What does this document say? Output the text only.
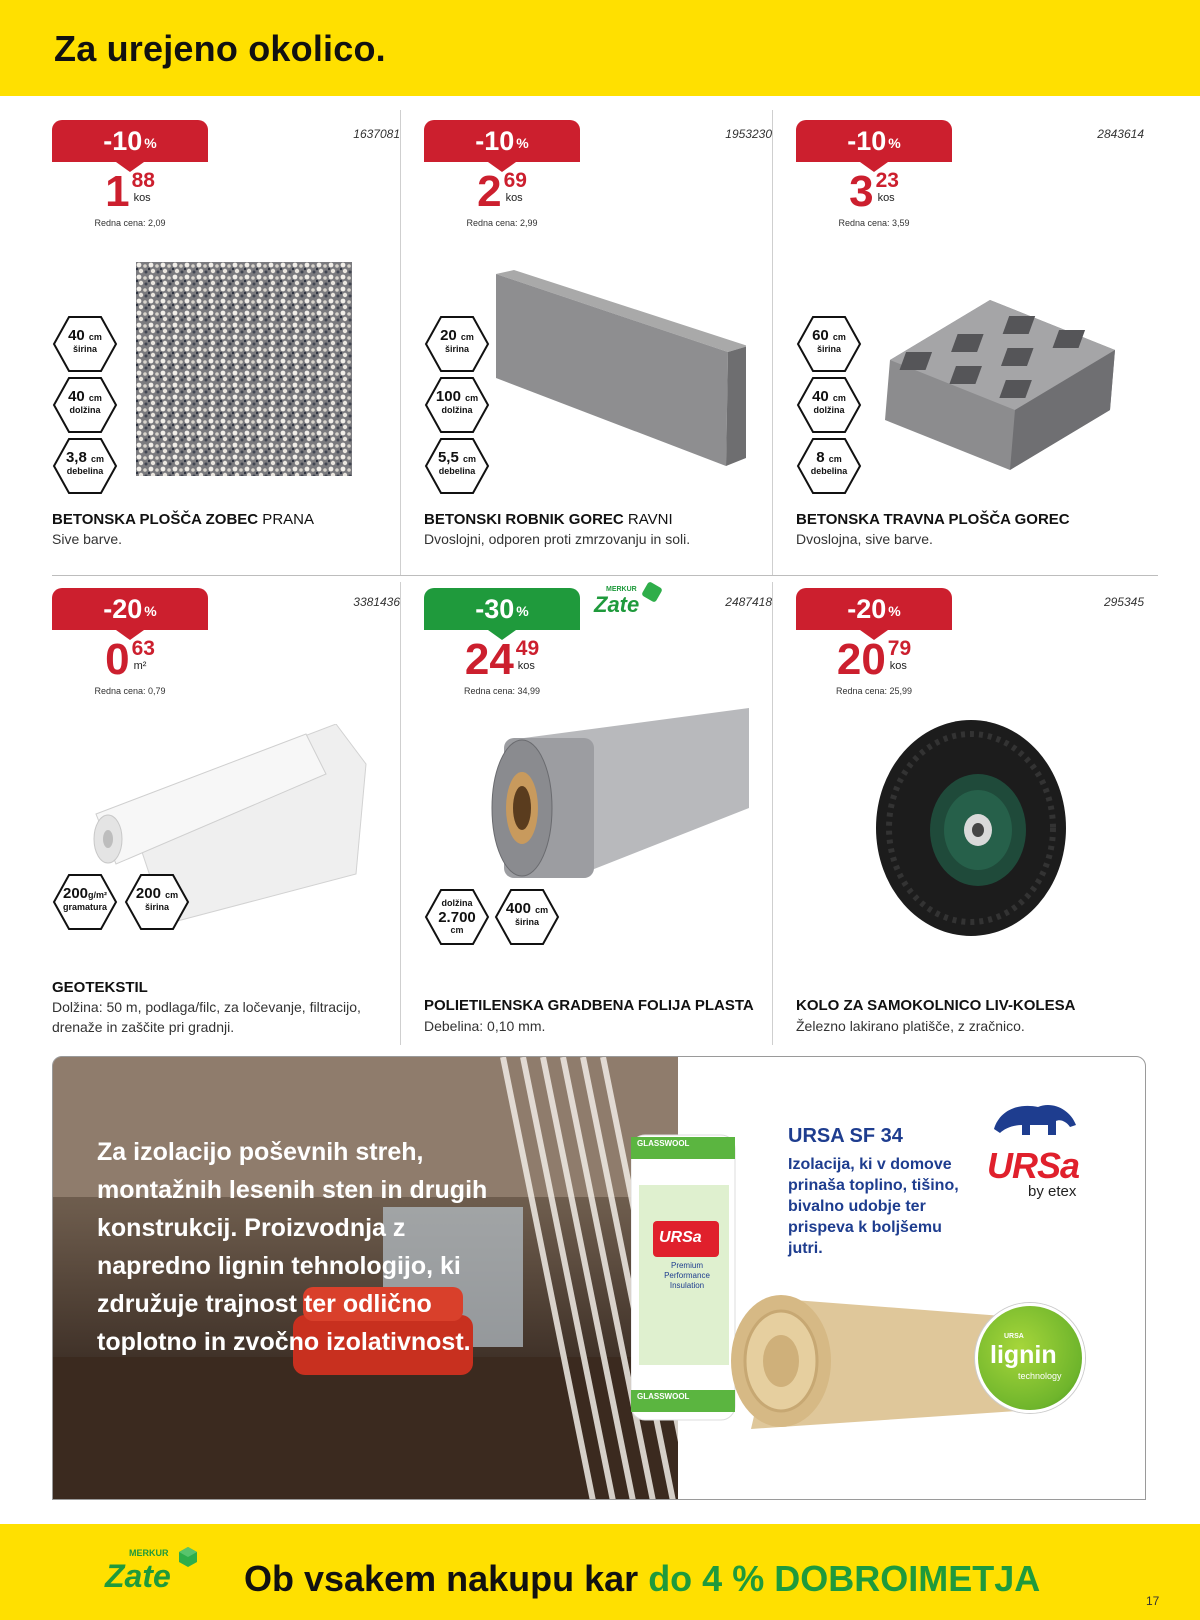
Za urejeno okolico.
-10 %
1637081
1 88
kos
Redna cena: 2,09
40 cm
širina
40 cm
dolžina
3,8 cm
debelina
BETONSKA PLOŠČA ZOBEC PRANA
Sive barve.
-10 %
1953230
2 69
kos
Redna cena: 2,99
20 cm
širina
100 cm
dolžina
5,5 cm
debelina
BETONSKI ROBNIK GOREC RAVNI
Dvoslojni, odporen proti zmrzovanju in soli.
-10 %
2843614
3 23
kos
Redna cena: 3,59
60 cm
širina
40 cm
dolžina
8 cm
debelina
BETONSKA TRAVNA PLOŠČA GOREC
Dvoslojna, sive barve.
-20 %
3381436
0 63
m²
Redna cena: 0,79
200g/m²
gramatura
200 cm
širina
GEOTEKSTIL
Dolžina: 50 m, podlaga/filc, za ločevanje, filtracijo, drenaže in zaščite pri gradnji.
-30 %
MERKUR
Zate	2487418
24 49
kos
Redna cena: 34,99
dolžina
2.700
cm
400 cm
širina
POLIETILENSKA GRADBENA FOLIJA PLASTA
Debelina: 0,10 mm.
-20 %
295345
20 79
kos
Redna cena: 25,99
KOLO ZA SAMOKOLNICO LIV-KOLESA
Železno lakirano platišče, z zračnico.
Za izolacijo poševnih streh, montažnih lesenih sten in drugih konstrukcij. Proizvodnja z napredno lignin tehnologijo, ki združuje trajnost ter odlično toplotno in zvočno izolativnost.
GLASSWOOL
GLASSWOOL
URSa
Premium Performance Insulation
URSA SF 34
Izolacija, ki v domove prinaša toplino, tišino, bivalno udobje ter prispeva k boljšemu jutri.
URSa
by etex
URSA
lignin
technology
MERKUR
Zate Ob vsakem nakupu kar do 4 % DOBROIMETJA
17
